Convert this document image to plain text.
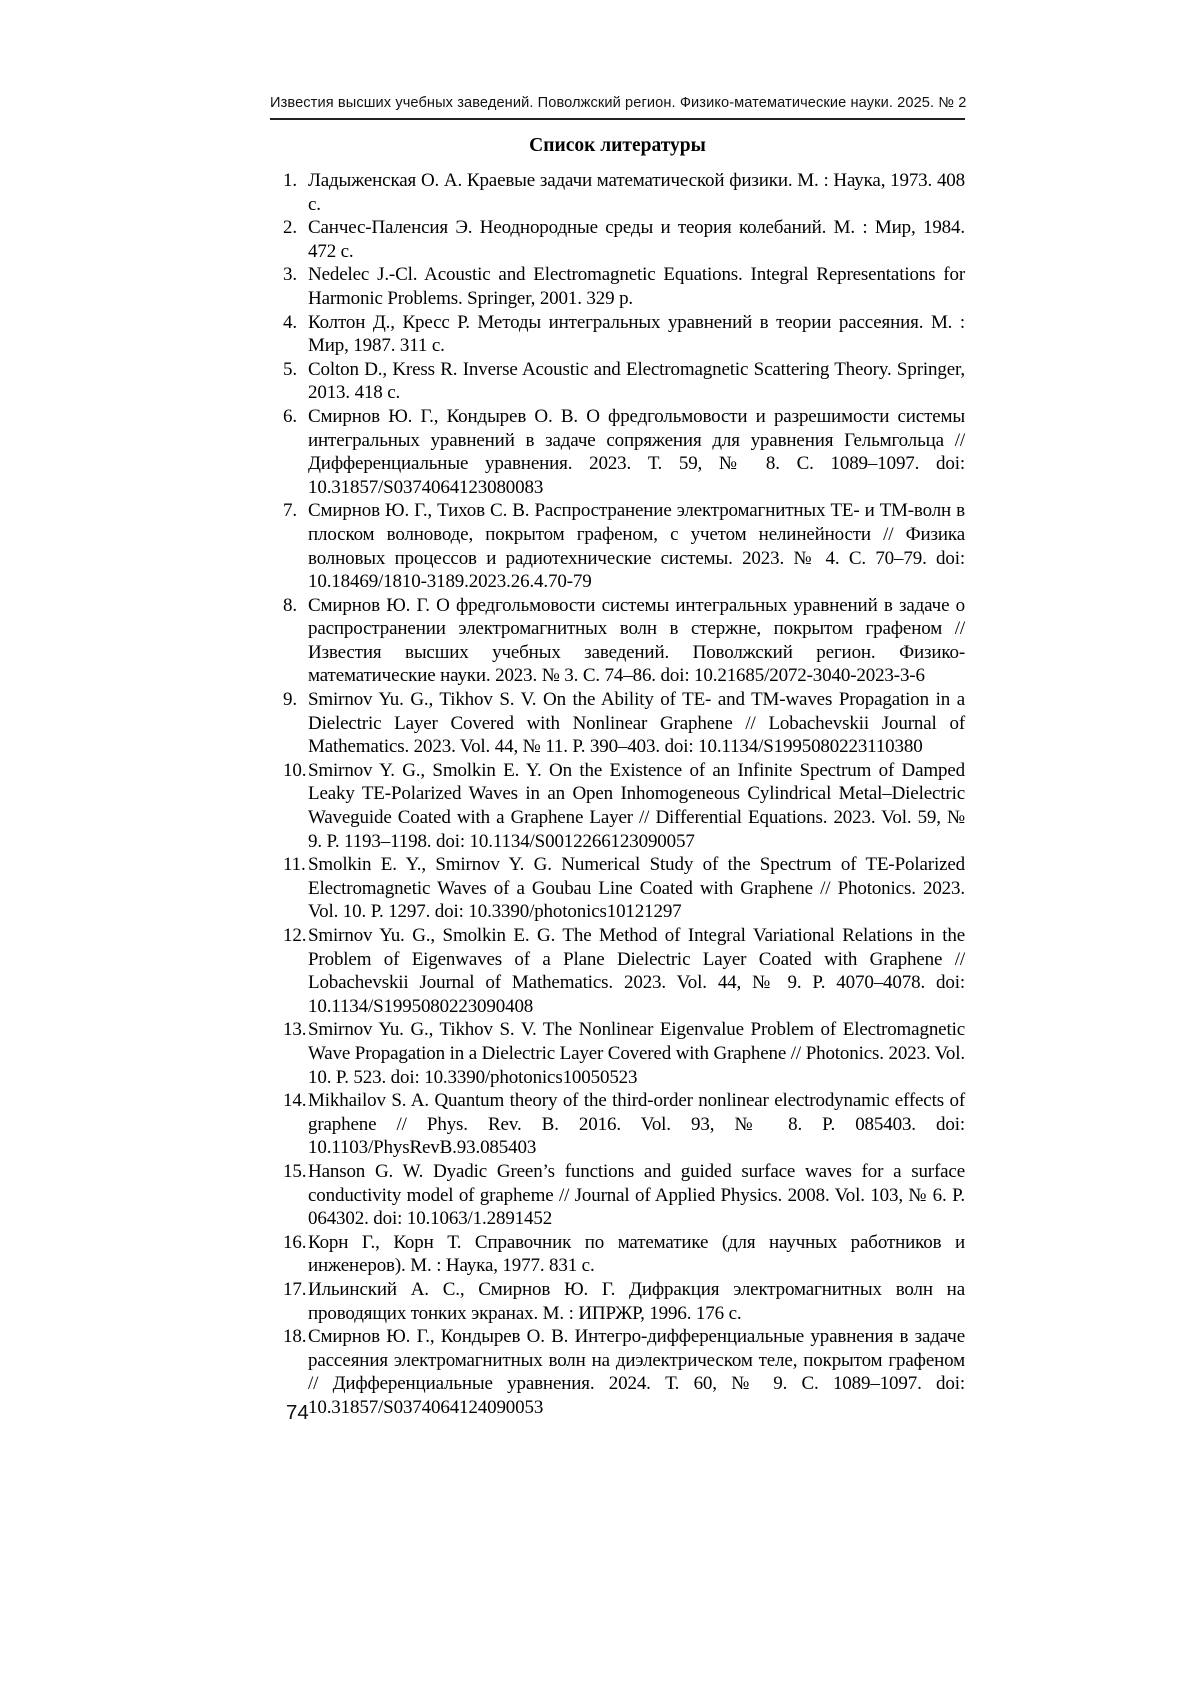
Известия высших учебных заведений. Поволжский регион. Физико-математические науки. 2025. № 2
Список литературы
1. Ладыженская О. А. Краевые задачи математической физики. М. : Наука, 1973. 408 с.
2. Санчес-Паленсия Э. Неоднородные среды и теория колебаний. М. : Мир, 1984. 472 с.
3. Nedelec J.-Cl. Acoustic and Electromagnetic Equations. Integral Representations for Harmonic Problems. Springer, 2001. 329 p.
4. Колтон Д., Кресс Р. Методы интегральных уравнений в теории рассеяния. М. : Мир, 1987. 311 с.
5. Colton D., Kress R. Inverse Acoustic and Electromagnetic Scattering Theory. Springer, 2013. 418 c.
6. Смирнов Ю. Г., Кондырев О. В. О фредгольмовости и разрешимости системы интегральных уравнений в задаче сопряжения для уравнения Гельмгольца // Дифференциальные уравнения. 2023. Т. 59, № 8. С. 1089–1097. doi: 10.31857/S0374064123080083
7. Смирнов Ю. Г., Тихов С. В. Распространение электромагнитных ТЕ- и ТМ-волн в плоском волноводе, покрытом графеном, с учетом нелинейности // Физика волновых процессов и радиотехнические системы. 2023. № 4. С. 70–79. doi: 10.18469/1810-3189.2023.26.4.70-79
8. Смирнов Ю. Г. О фредгольмовости системы интегральных уравнений в задаче о распространении электромагнитных волн в стержне, покрытом графеном // Известия высших учебных заведений. Поволжский регион. Физико-математические науки. 2023. № 3. С. 74–86. doi: 10.21685/2072-3040-2023-3-6
9. Smirnov Yu. G., Tikhov S. V. On the Ability of TE- and TM-waves Propagation in a Dielectric Layer Covered with Nonlinear Graphene // Lobachevskii Journal of Mathematics. 2023. Vol. 44, № 11. P. 390–403. doi: 10.1134/S1995080223110380
10. Smirnov Y. G., Smolkin E. Y. On the Existence of an Infinite Spectrum of Damped Leaky TE-Polarized Waves in an Open Inhomogeneous Cylindrical Metal–Dielectric Waveguide Coated with a Graphene Layer // Differential Equations. 2023. Vol. 59, № 9. P. 1193–1198. doi: 10.1134/S0012266123090057
11. Smolkin E. Y., Smirnov Y. G. Numerical Study of the Spectrum of TE-Polarized Electromagnetic Waves of a Goubau Line Coated with Graphene // Photonics. 2023. Vol. 10. P. 1297. doi: 10.3390/photonics10121297
12. Smirnov Yu. G., Smolkin E. G. The Method of Integral Variational Relations in the Problem of Eigenwaves of a Plane Dielectric Layer Coated with Graphene // Lobachevskii Journal of Mathematics. 2023. Vol. 44, № 9. P. 4070–4078. doi: 10.1134/S1995080223090408
13. Smirnov Yu. G., Tikhov S. V. The Nonlinear Eigenvalue Problem of Electromagnetic Wave Propagation in a Dielectric Layer Covered with Graphene // Photonics. 2023. Vol. 10. P. 523. doi: 10.3390/photonics10050523
14. Mikhailov S. A. Quantum theory of the third-order nonlinear electrodynamic effects of graphene // Phys. Rev. B. 2016. Vol. 93, № 8. P. 085403. doi: 10.1103/PhysRevB.93.085403
15. Hanson G. W. Dyadic Green’s functions and guided surface waves for a surface conductivity model of grapheme // Journal of Applied Physics. 2008. Vol. 103, № 6. P. 064302. doi: 10.1063/1.2891452
16. Корн Г., Корн Т. Справочник по математике (для научных работников и инженеров). М. : Наука, 1977. 831 с.
17. Ильинский А. С., Смирнов Ю. Г. Дифракция электромагнитных волн на проводящих тонких экранах. М. : ИПРЖР, 1996. 176 с.
18. Смирнов Ю. Г., Кондырев О. В. Интегро-дифференциальные уравнения в задаче рассеяния электромагнитных волн на диэлектрическом теле, покрытом графеном // Дифференциальные уравнения. 2024. Т. 60, № 9. С. 1089–1097. doi: 10.31857/S0374064124090053
74
